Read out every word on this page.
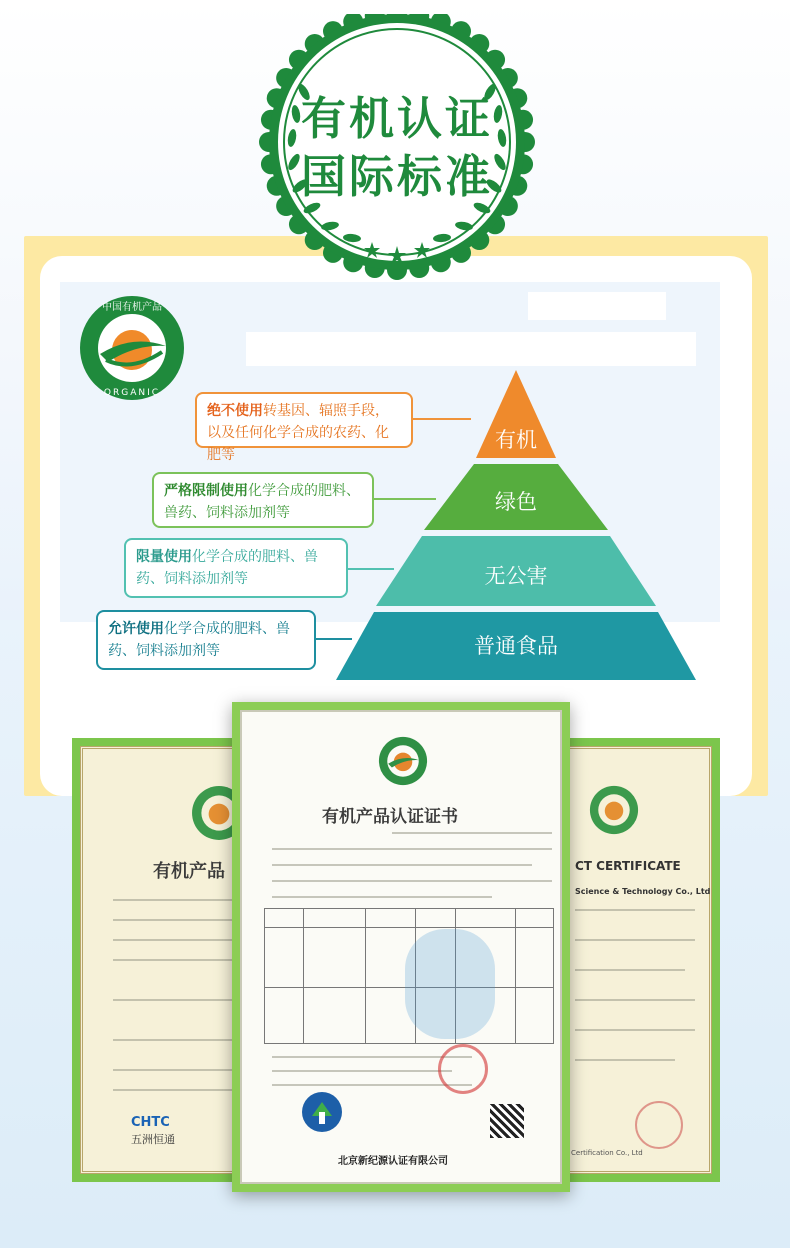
有机认证
国际标准
中国有机产品
ORGANIC
有机
绿色
无公害
普通食品
绝不使用转基因、辐照手段，以及任何化学合成的农药、化肥等
严格限制使用化学合成的肥料、兽药、饲料添加剂等
限量使用化学合成的肥料、兽药、饲料添加剂等
允许使用化学合成的肥料、兽药、饲料添加剂等
有机产品
CHTC
五洲恒通
CT CERTIFICATE
Science & Technology Co., Ltd
Certification Co., Ltd
有机产品认证证书
北京新纪源认证有限公司
